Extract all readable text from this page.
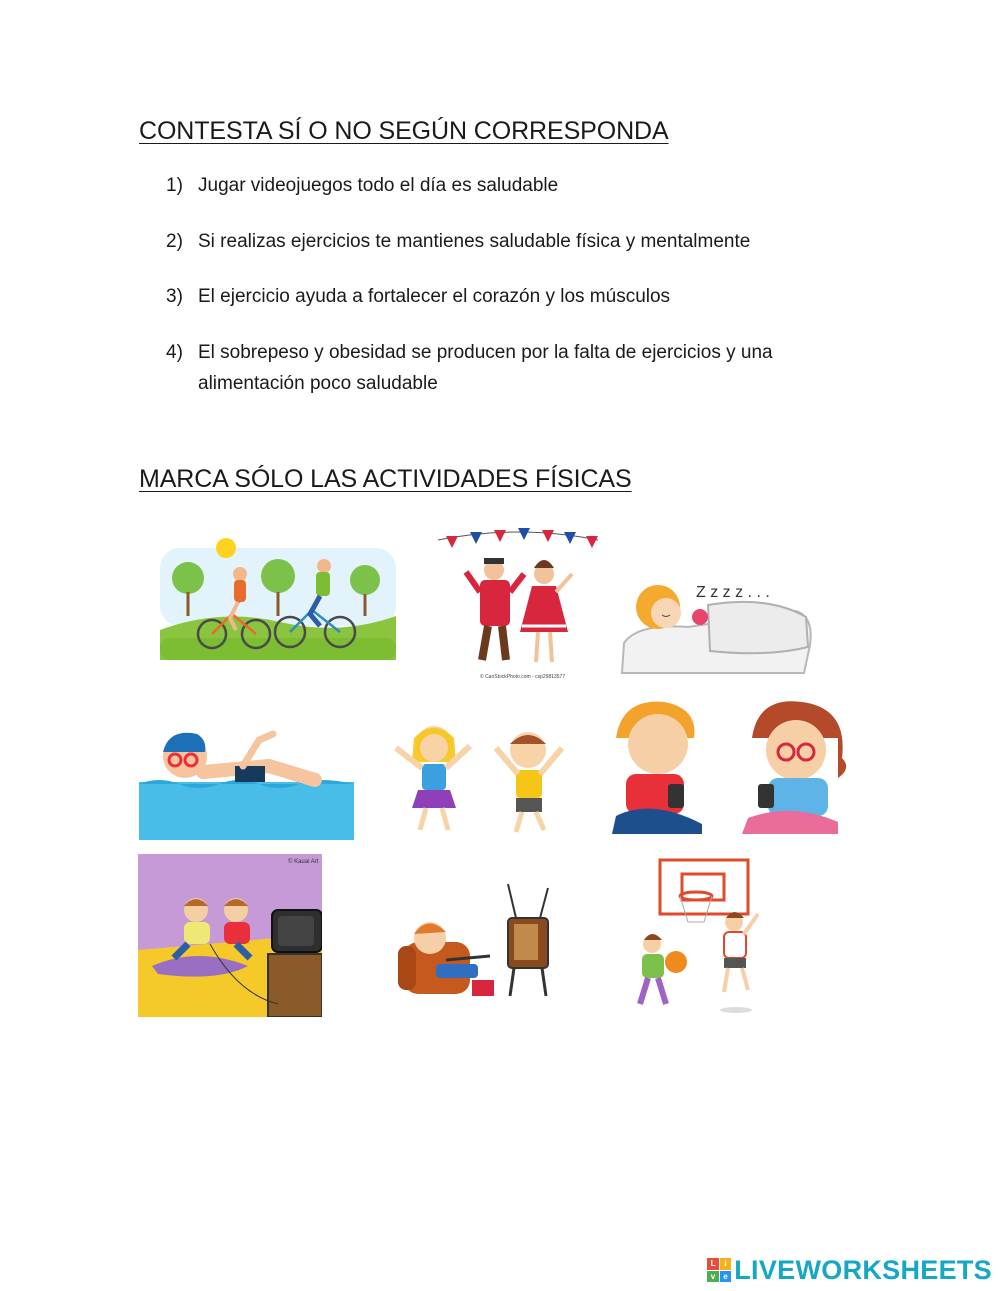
CONTESTA SÍ O NO SEGÚN CORRESPONDA
1) Jugar videojuegos todo el día es saludable
2) Si realizas ejercicios te mantienes saludable física y mentalmente
3) El ejercicio ayuda a fortalecer el corazón y los músculos
4) El sobrepeso y obesidad se producen por la falta de ejercicios y una alimentación poco saludable
MARCA SÓLO LAS ACTIVIDADES FÍSICAS
© CanStockPhoto.com - csp29813577
Z z z z . . .
© Kauai Art
L	i
v	e LIVEWORKSHEETS
